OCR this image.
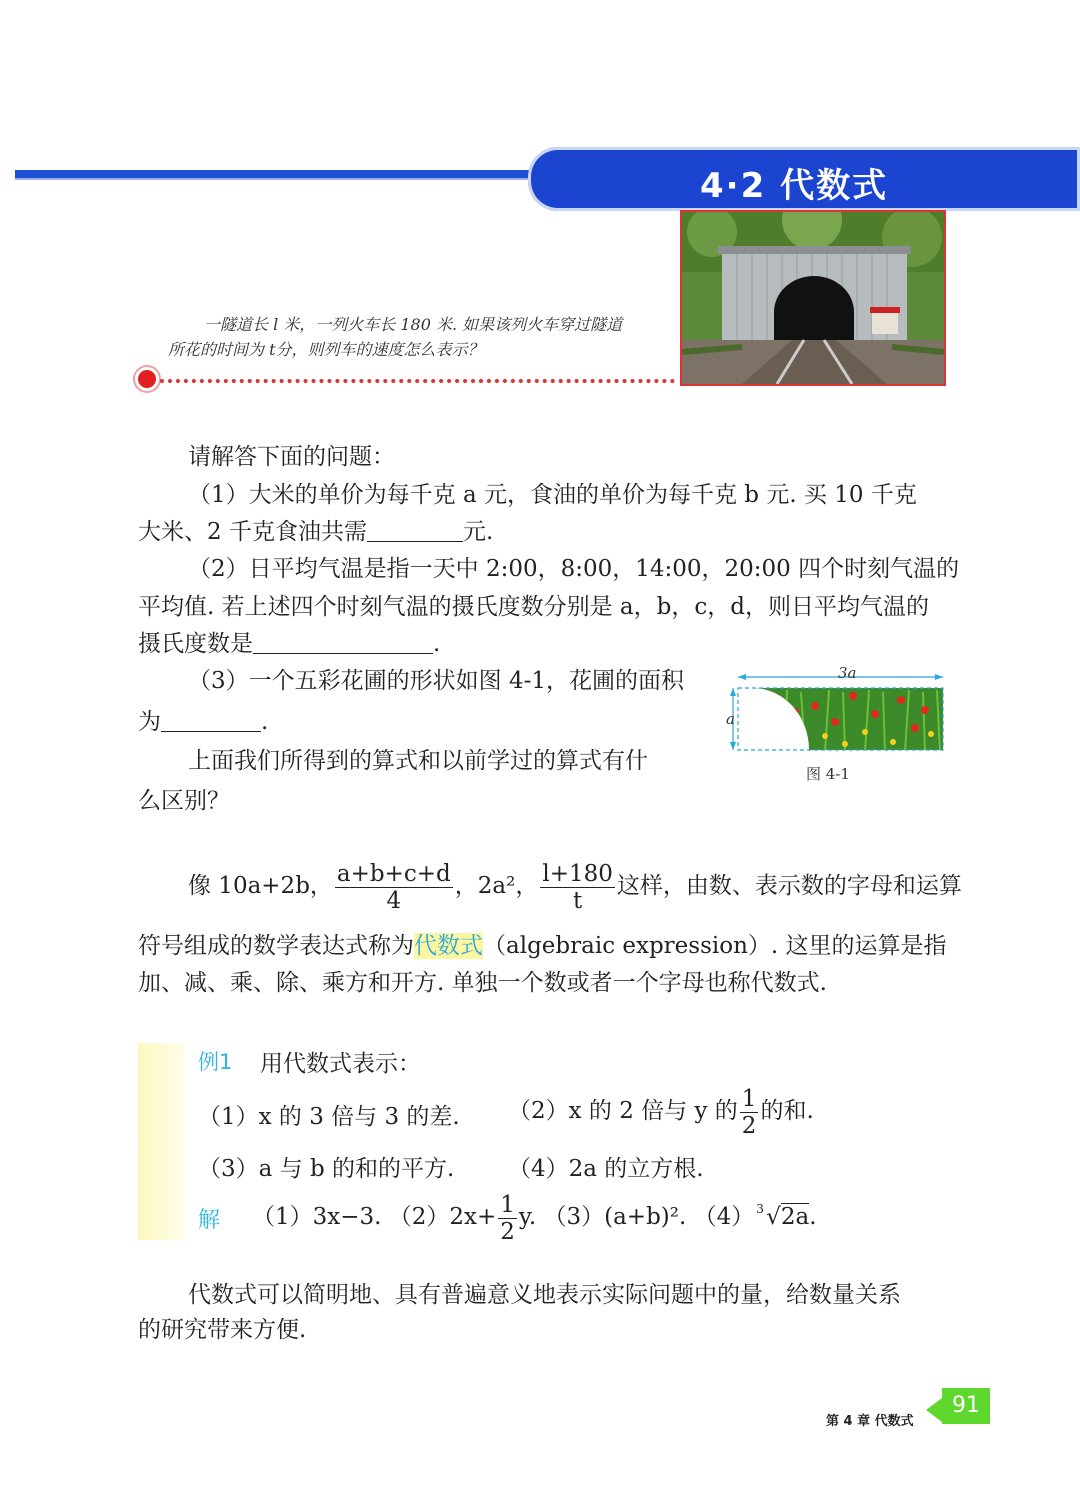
4·2 代数式
一隧道长 l 米，一列火车长 180 米. 如果该列火车穿过隧道
所花的时间为 t分，则列车的速度怎么表示？
请解答下面的问题：
（1）大米的单价为每千克 a 元，食油的单价为每千克 b 元. 买 10 千克
大米、2 千克食油共需	元.
（2）日平均气温是指一天中 2:00，8:00，14:00，20:00 四个时刻气温的
平均值. 若上述四个时刻气温的摄氏度数分别是 a，b，c，d，则日平均气温的
摄氏度数是	.
（3）一个五彩花圃的形状如图 4-1，花圃的面积
为	.
上面我们所得到的算式和以前学过的算式有什
么区别？
3a
a
图 4-1
像 10a+2b， $\frac{a+b+c+d}{4}$ ，2a²， $\frac{l+180}{t}$ 这样，由数、表示数的字母和运算
符号组成的数学表达式称为代数式（algebraic expression）. 这里的运算是指
加、减、乘、除、乘方和开方. 单独一个数或者一个字母也称代数式.
例1 用代数式表示：
（1）x 的 3 倍与 3 的差. （2）x 的 2 倍与 y 的 $\frac{1}{2}$ 的和.
（3）a 与 b 的和的平方. （4）2a 的立方根.
解 （1）3x−3. $(2)2x+ \frac{1}{2} y$. （3）(a+b)². （4） 3 √2a.
代数式可以简明地、具有普遍意义地表示实际问题中的量，给数量关系
的研究带来方便.
第 4 章 代数式
91
